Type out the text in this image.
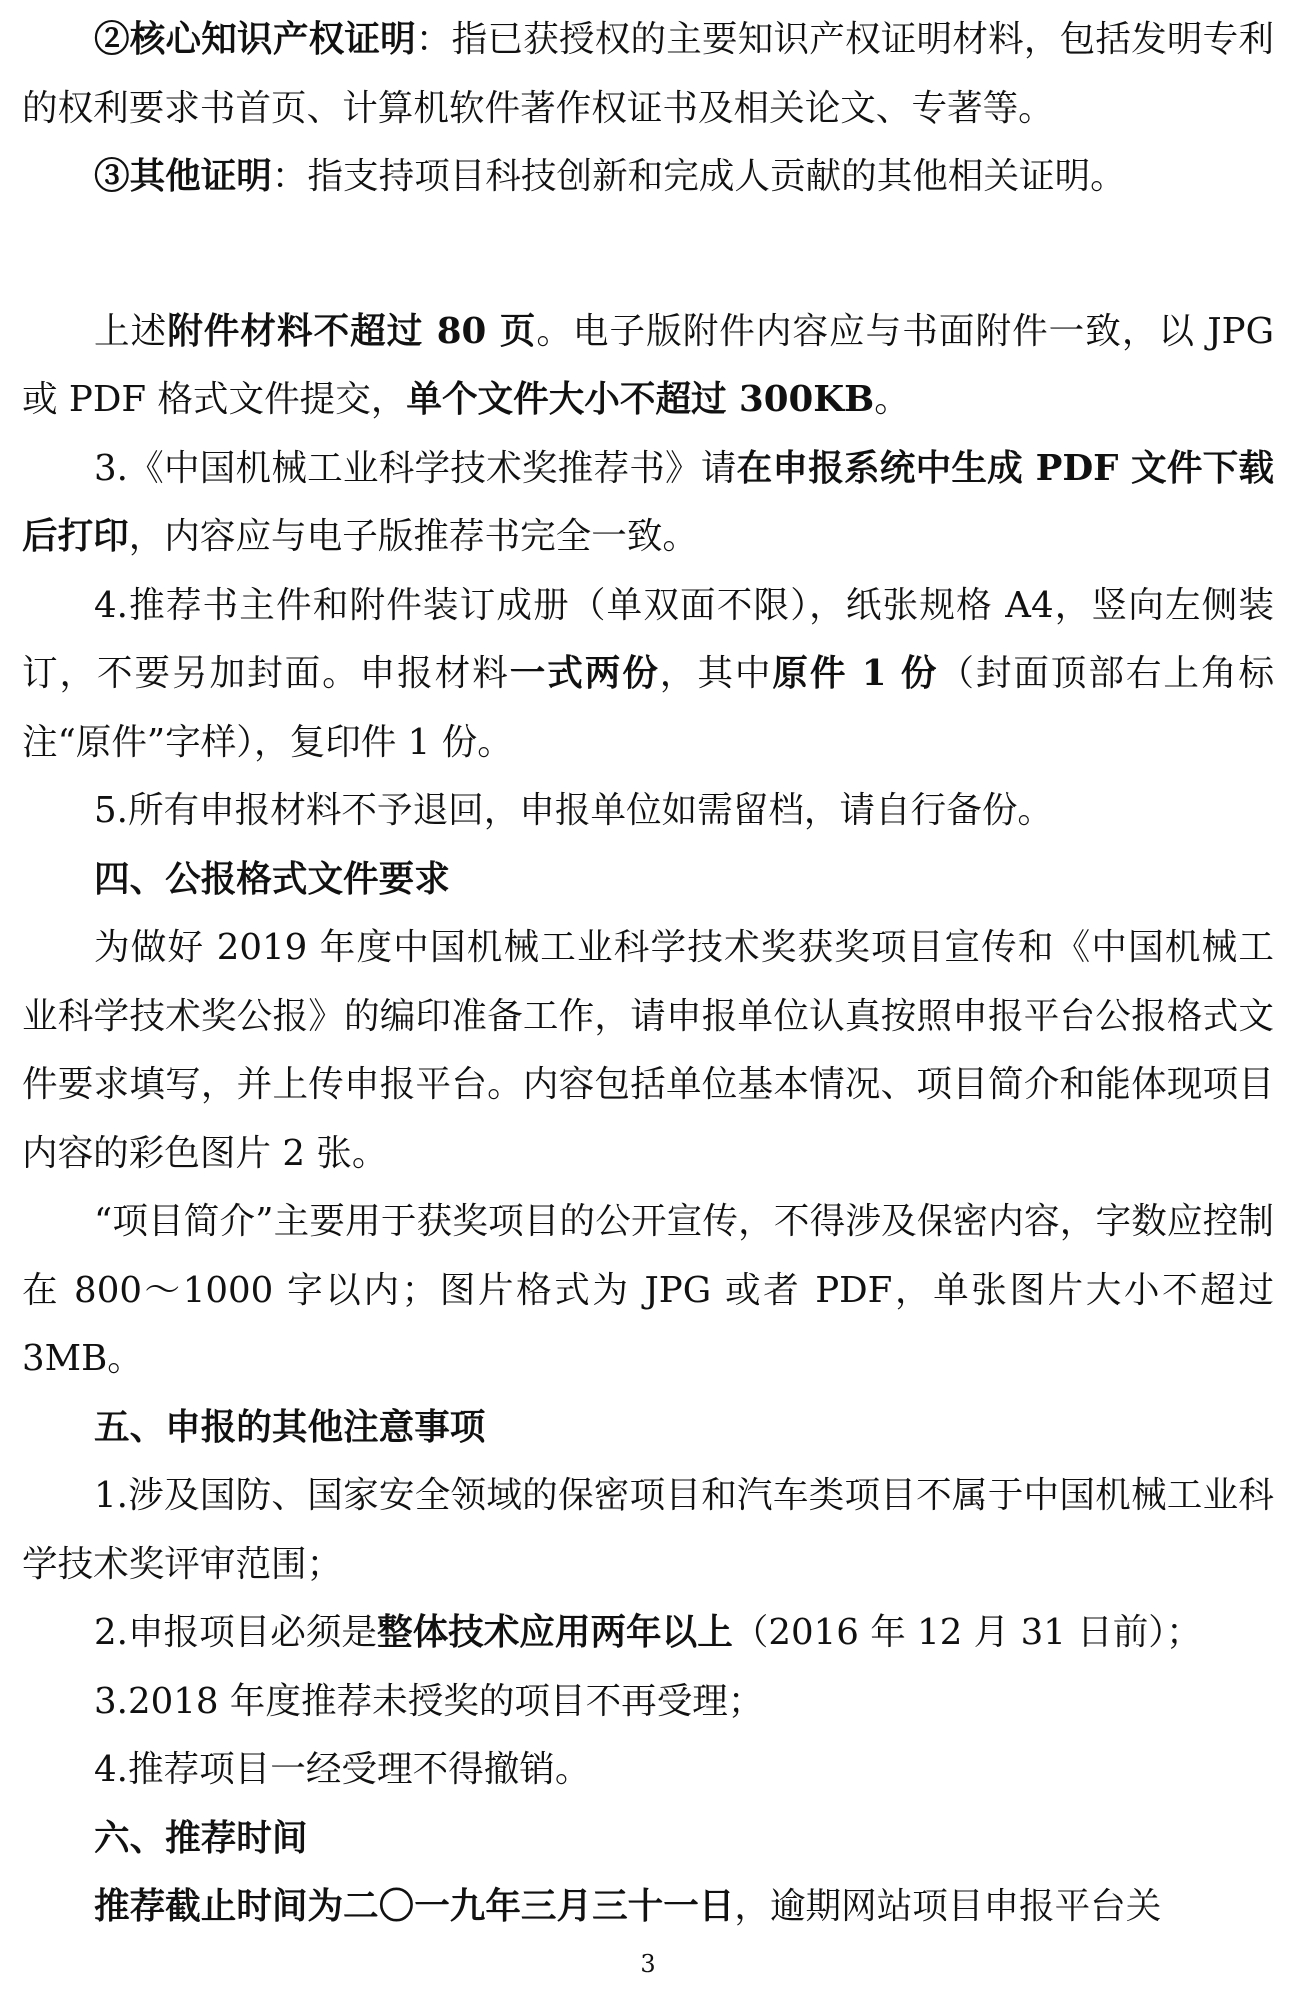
②核心知识产权证明：指已获授权的主要知识产权证明材料，包括发明专利的权利要求书首页、计算机软件著作权证书及相关论文、专著等。

③其他证明：指支持项目科技创新和完成人贡献的其他相关证明。

上述附件材料不超过 80 页。电子版附件内容应与书面附件一致，以 JPG 或 PDF 格式文件提交，单个文件大小不超过 300KB。

3.《中国机械工业科学技术奖推荐书》请在申报系统中生成 PDF 文件下载后打印，内容应与电子版推荐书完全一致。

4.推荐书主件和附件装订成册（单双面不限），纸张规格 A4，竖向左侧装订，不要另加封面。申报材料一式两份，其中原件 1 份（封面顶部右上角标注“原件”字样），复印件 1 份。

5.所有申报材料不予退回，申报单位如需留档，请自行备份。

四、公报格式文件要求

为做好 2019 年度中国机械工业科学技术奖获奖项目宣传和《中国机械工业科学技术奖公报》的编印准备工作，请申报单位认真按照申报平台公报格式文件要求填写，并上传申报平台。内容包括单位基本情况、项目简介和能体现项目内容的彩色图片 2 张。

“项目简介”主要用于获奖项目的公开宣传，不得涉及保密内容，字数应控制在 800～1000 字以内；图片格式为 JPG 或者 PDF，单张图片大小不超过 3MB。

五、申报的其他注意事项

1.涉及国防、国家安全领域的保密项目和汽车类项目不属于中国机械工业科学技术奖评审范围；

2.申报项目必须是整体技术应用两年以上（2016 年 12 月 31 日前）；

3.2018 年度推荐未授奖的项目不再受理；

4.推荐项目一经受理不得撤销。

六、推荐时间

推荐截止时间为二〇一九年三月三十一日，逾期网站项目申报平台关

3
